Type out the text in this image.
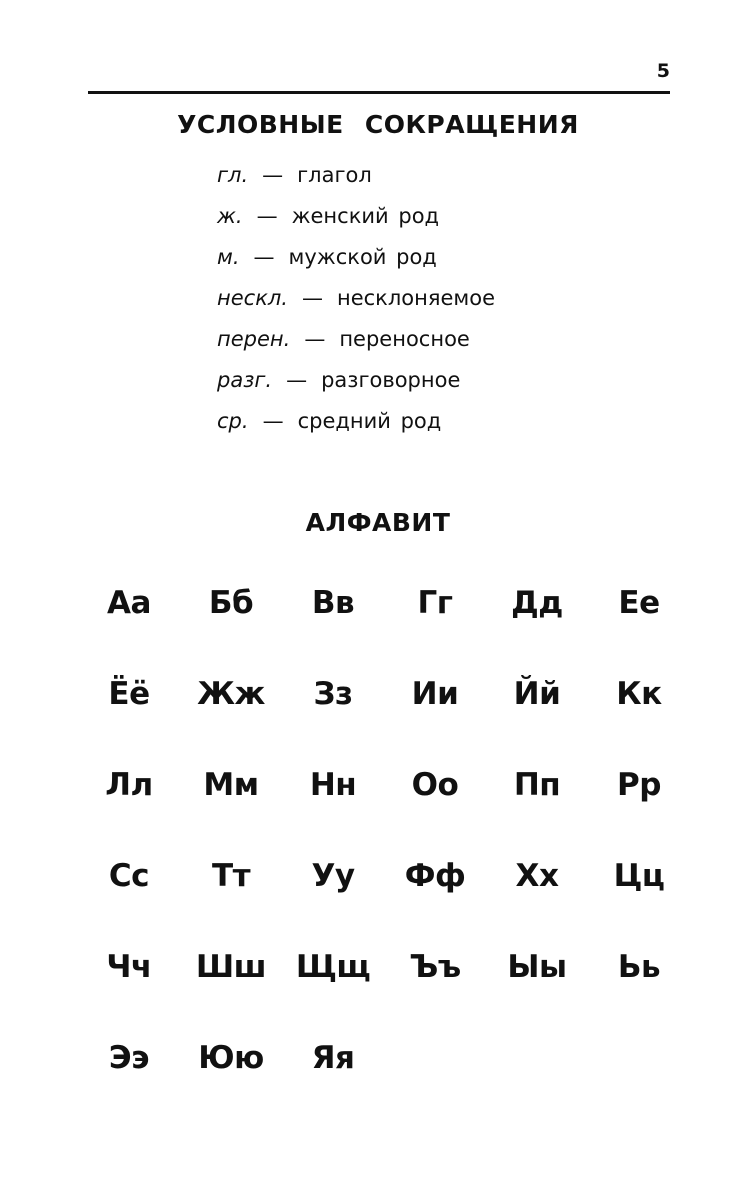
5
УСЛОВНЫЕ СОКРАЩЕНИЯ
гл. — глагол
ж. — женский род
м. — мужской род
нескл. — несклоняемое
перен. — переносное
разг. — разговорное
ср. — средний род
АЛФАВИТ
Аа	Бб	Вв	Гг	Дд	Ее
Ёё	Жж	Зз	Ии	Йй	Кк
Лл	Мм	Нн	Оо	Пп	Рр
Сс	Тт	Уу	Фф	Хх	Цц
Чч	Шш Щщ	Ъъ	Ыы	Ьь
Ээ	Юю	Яя
